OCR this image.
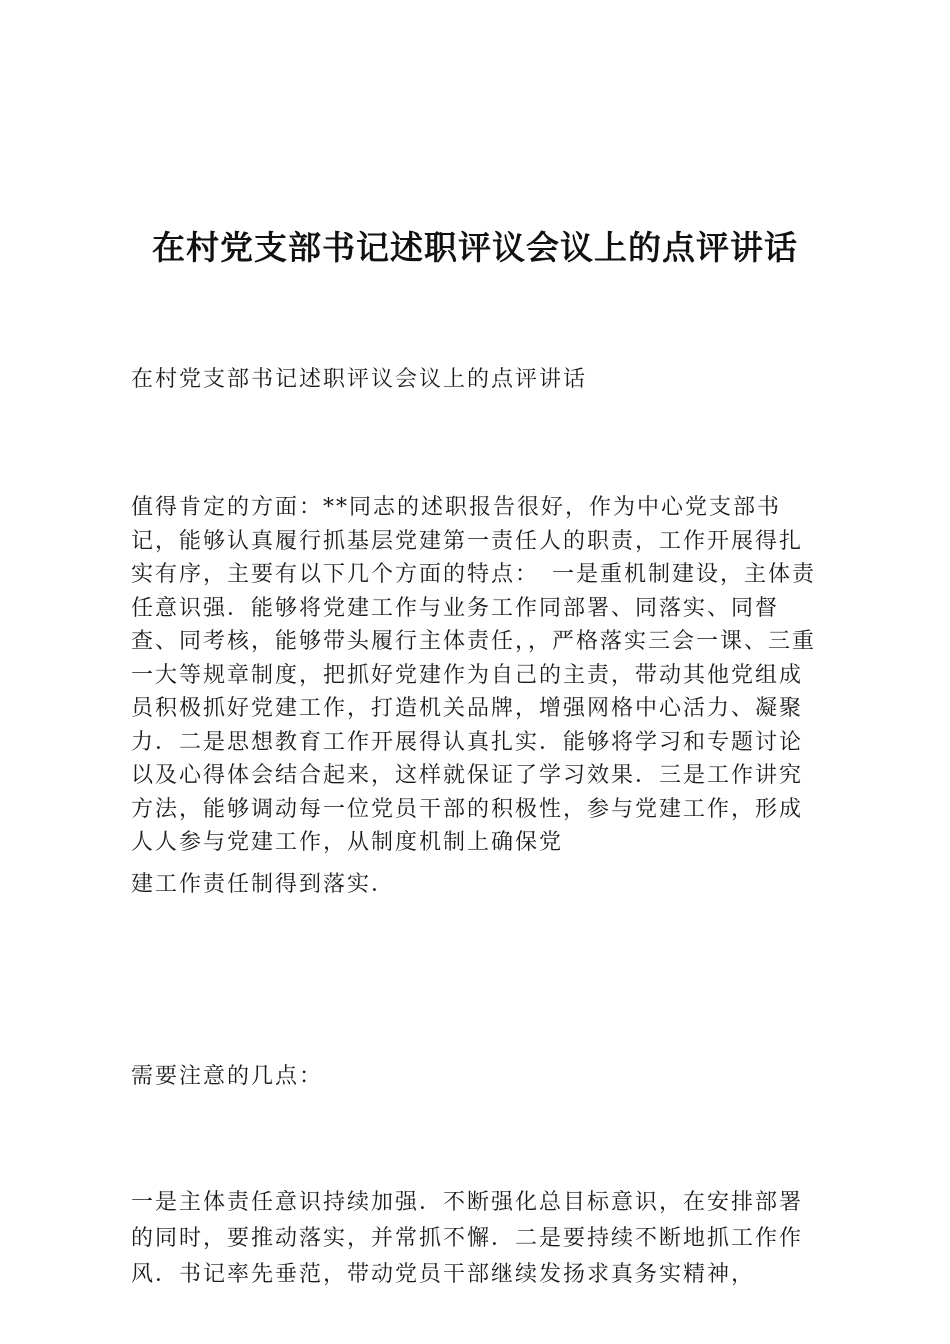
在村党支部书记述职评议会议上的点评讲话

在村党支部书记述职评议会议上的点评讲话

值得肯定的方面：**同志的述职报告很好，作为中心党支部书记，能够认真履行抓基层党建第一责任人的职责，工作开展得扎实有序，主要有以下几个方面的特点：　一是重机制建设，主体责任意识强．能够将党建工作与业务工作同部署、同落实、同督查、同考核，能够带头履行主体责任，，严格落实三会一课、三重一大等规章制度，把抓好党建作为自己的主责，带动其他党组成员积极抓好党建工作，打造机关品牌，增强网格中心活力、凝聚力．二是思想教育工作开展得认真扎实．能够将学习和专题讨论以及心得体会结合起来，这样就保证了学习效果．三是工作讲究方法，能够调动每一位党员干部的积极性，参与党建工作，形成人人参与党建工作，从制度机制上确保党
建工作责任制得到落实．

需要注意的几点：

一是主体责任意识持续加强．不断强化总目标意识，在安排部署的同时，要推动落实，并常抓不懈．二是要持续不断地抓工作作风．书记率先垂范，带动党员干部继续发扬求真务实精神，
